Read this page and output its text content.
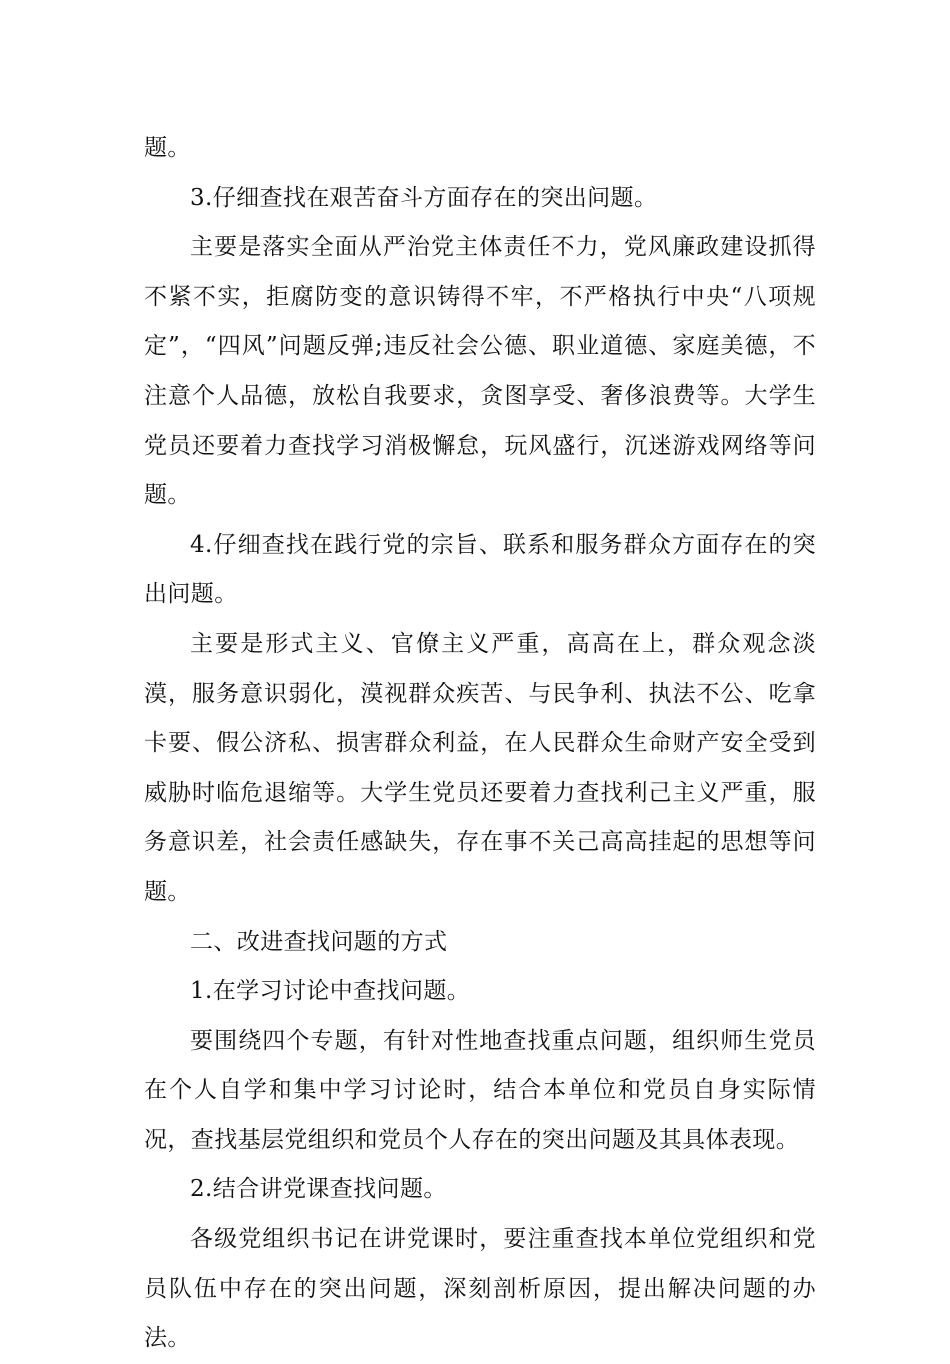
题。

3.仔细查找在艰苦奋斗方面存在的突出问题。

主要是落实全面从严治党主体责任不力，党风廉政建设抓得不紧不实，拒腐防变的意识铸得不牢，不严格执行中央“八项规定”，“四风”问题反弹;违反社会公德、职业道德、家庭美德，不注意个人品德，放松自我要求，贪图享受、奢侈浪费等。大学生党员还要着力查找学习消极懈怠，玩风盛行，沉迷游戏网络等问题。

4.仔细查找在践行党的宗旨、联系和服务群众方面存在的突出问题。

主要是形式主义、官僚主义严重，高高在上，群众观念淡漠，服务意识弱化，漠视群众疾苦、与民争利、执法不公、吃拿卡要、假公济私、损害群众利益，在人民群众生命财产安全受到威胁时临危退缩等。大学生党员还要着力查找利己主义严重，服务意识差，社会责任感缺失，存在事不关己高高挂起的思想等问题。

二、改进查找问题的方式

1.在学习讨论中查找问题。

要围绕四个专题，有针对性地查找重点问题，组织师生党员在个人自学和集中学习讨论时，结合本单位和党员自身实际情况，查找基层党组织和党员个人存在的突出问题及其具体表现。

2.结合讲党课查找问题。

各级党组织书记在讲党课时，要注重查找本单位党组织和党员队伍中存在的突出问题，深刻剖析原因，提出解决问题的办法。
